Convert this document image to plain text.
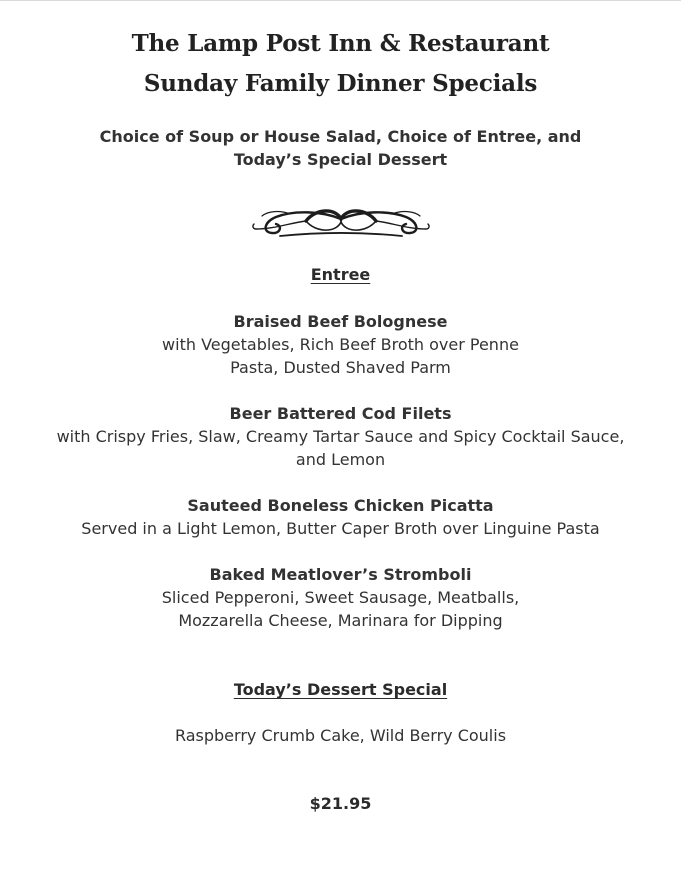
The Lamp Post Inn & Restaurant
Sunday Family Dinner Specials
Choice of Soup or House Salad, Choice of Entree, and
Today’s Special Dessert
Entree
Braised Beef Bolognese
with Vegetables, Rich Beef Broth over Penne
Pasta, Dusted Shaved Parm
Beer Battered Cod Filets
with Crispy Fries, Slaw, Creamy Tartar Sauce and Spicy Cocktail Sauce,
and Lemon
Sauteed Boneless Chicken Picatta
Served in a Light Lemon, Butter Caper Broth over Linguine Pasta
Baked Meatlover’s Stromboli
Sliced Pepperoni, Sweet Sausage, Meatballs,
Mozzarella Cheese, Marinara for Dipping
Today’s Dessert Special
Raspberry Crumb Cake, Wild Berry Coulis
$21.95
